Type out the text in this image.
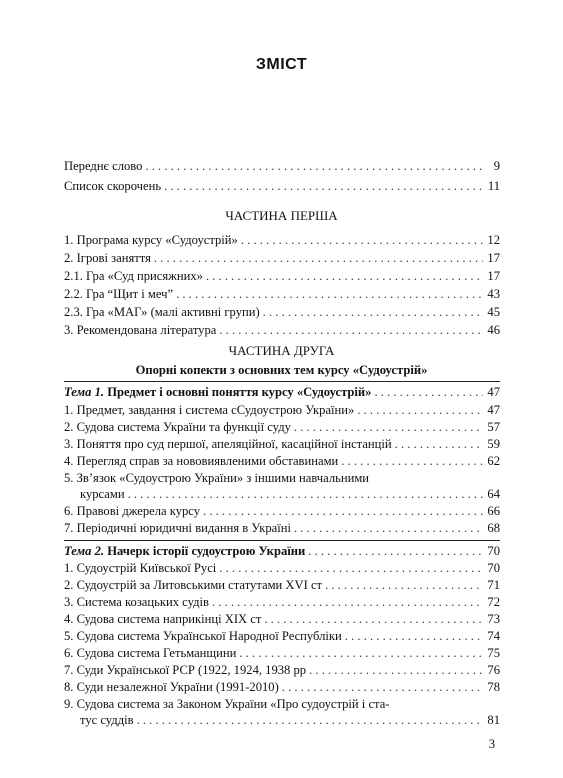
ЗМІСТ
Переднє слово . . .	9
Список скорочень . . .	11
ЧАСТИНА ПЕРША
1. Програма курсу «Судоустрій» . . .	12
2. Ігрові заняття . . .	17
2.1. Гра «Суд присяжних» . . .	17
2.2. Гра “Щит і меч” . . .	43
2.3. Гра «МАГ» (малі активні групи) . . .	45
3. Рекомендована література . . .	46
ЧАСТИНА ДРУГА
Опорні копекти з основних тем курсу «Судоустрій»
Тема 1. Предмет і основні поняття курсу «Судоустрій» . . .	47
1. Предмет, завдання і система сСудоустрою України» . . .	47
2. Судова система України та функції суду . . .	57
3. Поняття про суд першої, апеляційної, касаційної інстанцій . . .	59
4. Перегляд справ за нововиявленими обставинами . . .	62
5. Зв’язок «Судоустрою України» з іншими навчальними
курсами . . .	64
6. Правові джерела курсу . . .	66
7. Періодичні юридичні видання в Україні . . .	68
Тема 2. Начерк історії судоустрою України . . .	70
1. Судоустрій Київської Русі . . .	70
2. Судоустрій за Литовськими статутами XVI ст . . .	71
3. Система козацьких судів . . .	72
4. Судова система наприкінці XIX ст . . .	73
5. Судова система Української Народної Республіки . . .	74
6. Судова система Гетьманщини . . .	75
7. Суди Української РСР (1922, 1924, 1938 рр . . .	76
8. Суди незалежної України (1991-2010) . . .	78
9. Судова система за Законом України «Про судоустрій і ста-
тус суддів . . .	81
3
